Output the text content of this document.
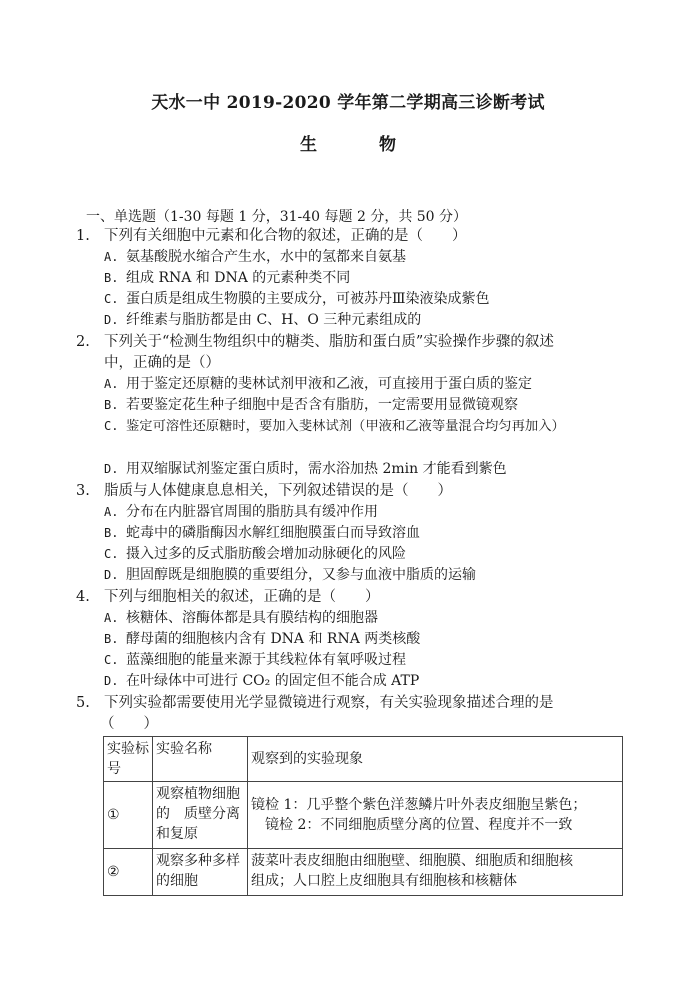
天水一中 2019-2020 学年第二学期高三诊断考试
生 物
一、单选题（1-30 每题 1 分，31-40 每题 2 分，共 50 分）
1. 下列有关细胞中元素和化合物的叙述，正确的是（　　）
A. 氨基酸脱水缩合产生水，水中的氢都来自氨基
B. 组成 RNA 和 DNA 的元素种类不同
C. 蛋白质是组成生物膜的主要成分，可被苏丹Ⅲ染液染成紫色
D. 纤维素与脂肪都是由 C、H、O 三种元素组成的
2. 下列关于“检测生物组织中的糖类、脂肪和蛋白质”实验操作步骤的叙述
中，正确的是（）
A. 用于鉴定还原糖的斐林试剂甲液和乙液，可直接用于蛋白质的鉴定
B. 若要鉴定花生种子细胞中是否含有脂肪，一定需要用显微镜观察
C. 鉴定可溶性还原糖时，要加入斐林试剂（甲液和乙液等量混合均匀再加入）
D. 用双缩脲试剂鉴定蛋白质时，需水浴加热 2min 才能看到紫色
3. 脂质与人体健康息息相关，下列叙述错误的是（　　）
A. 分布在内脏器官周围的脂肪具有缓冲作用
B. 蛇毒中的磷脂酶因水解红细胞膜蛋白而导致溶血
C. 摄入过多的反式脂肪酸会增加动脉硬化的风险
D. 胆固醇既是细胞膜的重要组分，又参与血液中脂质的运输
4. 下列与细胞相关的叙述，正确的是（　　）
A. 核糖体、溶酶体都是具有膜结构的细胞器
B. 酵母菌的细胞核内含有 DNA 和 RNA 两类核酸
C. 蓝藻细胞的能量来源于其线粒体有氧呼吸过程
D. 在叶绿体中可进行 CO₂ 的固定但不能合成 ATP
5. 下列实验都需要使用光学显微镜进行观察，有关实验现象描述合理的是
（　　）
实验标号	实验名称	观察到的实验现象
①	观察植物细胞的　质壁分离和复原	镜检 1：几乎整个紫色洋葱鳞片叶外表皮细胞呈紫色；
镜检 2：不同细胞质壁分离的位置、程度并不一致

②	观察多种多样的细胞	菠菜叶表皮细胞由细胞壁、细胞膜、细胞质和细胞核
组成；人口腔上皮细胞具有细胞核和核糖体
